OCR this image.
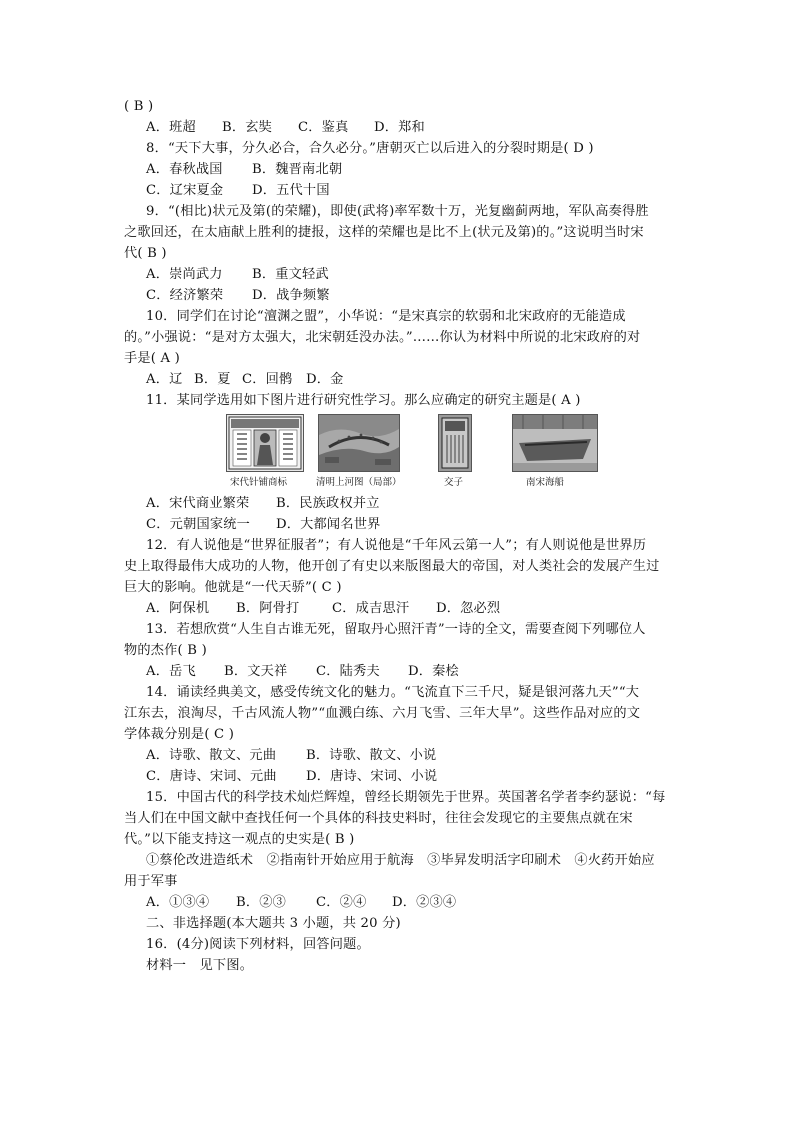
( B )
A．班超 B．玄奘 C．鉴真 D．郑和
8．“天下大事，分久必合，合久必分。”唐朝灭亡以后进入的分裂时期是( D )
A．春秋战国 B．魏晋南北朝
C．辽宋夏金 D．五代十国
9．“(相比)状元及第(的荣耀)，即使(武将)率军数十万，光复幽蓟两地，军队高奏得胜
之歌回还，在太庙献上胜利的捷报，这样的荣耀也是比不上(状元及第)的。”这说明当时宋
代( B )
A．崇尚武力 B．重文轻武
C．经济繁荣 D．战争频繁
10．同学们在讨论“澶渊之盟”，小华说：“是宋真宗的软弱和北宋政府的无能造成
的。”小强说：“是对方太强大，北宋朝廷没办法。”……你认为材料中所说的北宋政府的对
手是( A )
A．辽 B．夏 C．回鹘 D．金
11．某同学选用如下图片进行研究性学习。那么应确定的研究主题是( A )
宋代针铺商标	清明上河图（局部）	交子	南宋海船
A．宋代商业繁荣 B．民族政权并立
C．元朝国家统一 D．大都闻名世界
12．有人说他是“世界征服者”；有人说他是“千年风云第一人”；有人则说他是世界历
史上取得最伟大成功的人物，他开创了有史以来版图最大的帝国，对人类社会的发展产生过
巨大的影响。他就是“一代天骄”( C )
A．阿保机 B．阿骨打 C．成吉思汗 D．忽必烈
13．若想欣赏“人生自古谁无死，留取丹心照汗青”一诗的全文，需要查阅下列哪位人
物的杰作( B )
A．岳飞 B．文天祥 C．陆秀夫 D．秦桧
14．诵读经典美文，感受传统文化的魅力。“飞流直下三千尺，疑是银河落九天”“大
江东去，浪淘尽，千古风流人物”“血溅白练、六月飞雪、三年大旱”。这些作品对应的文
学体裁分别是( C )
A．诗歌、散文、元曲 B．诗歌、散文、小说
C．唐诗、宋词、元曲 D．唐诗、宋词、小说
15．中国古代的科学技术灿烂辉煌，曾经长期领先于世界。英国著名学者李约瑟说：“每
当人们在中国文献中查找任何一个具体的科技史料时，往往会发现它的主要焦点就在宋
代。”以下能支持这一观点的史实是( B )
①蔡伦改进造纸术　②指南针开始应用于航海　③毕昇发明活字印刷术　④火药开始应
用于军事
A．①③④ B．②③ C．②④ D．②③④
二、非选择题(本大题共 3 小题，共 20 分)
16．(4分)阅读下列材料，回答问题。
材料一　见下图。
